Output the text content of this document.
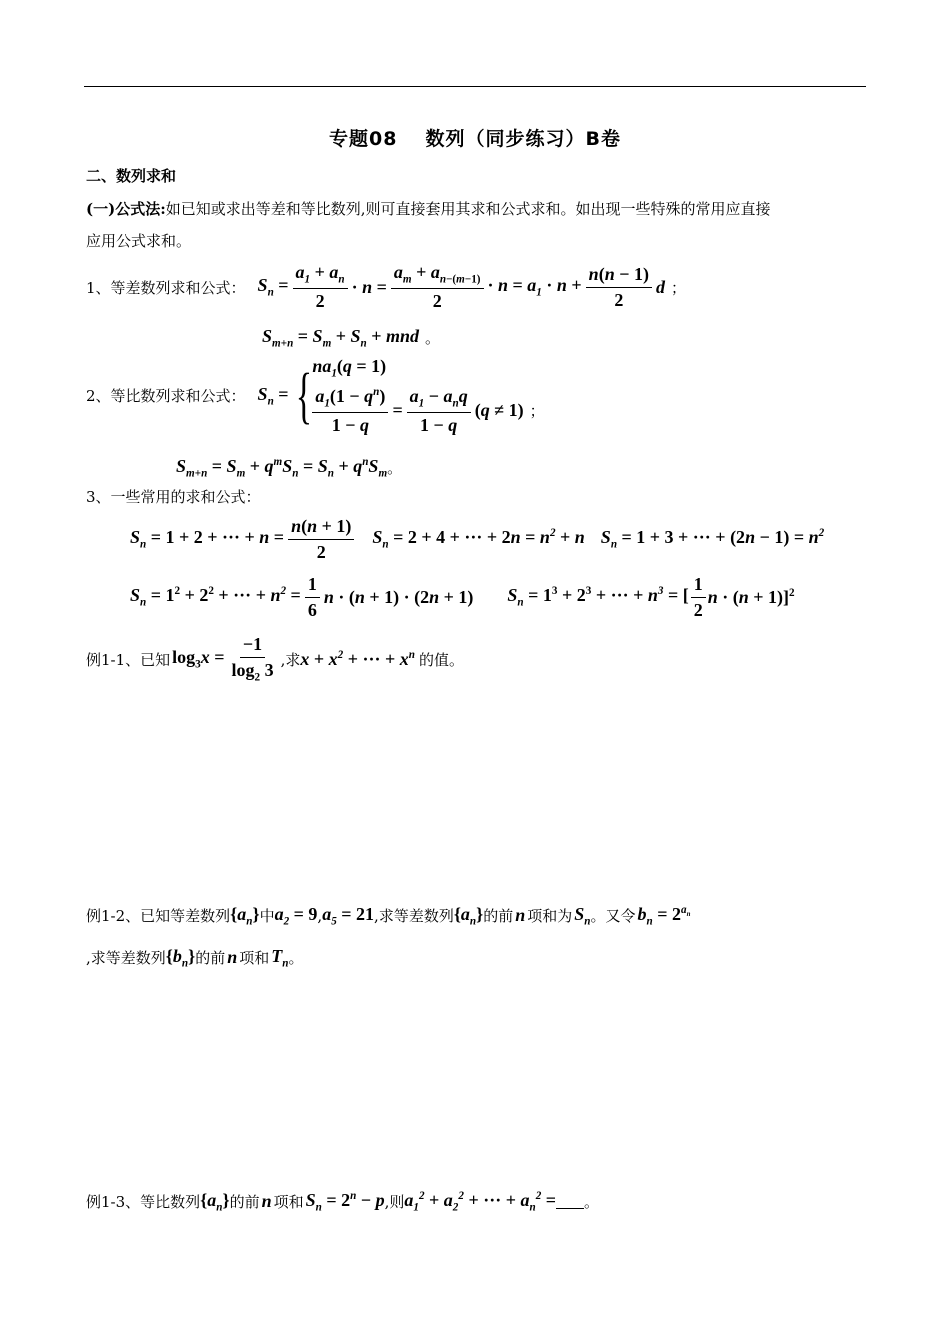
专题08 数列（同步练习）B卷
二、数列求和
(一)公式法:如已知或求出等差和等比数列,则可直接套用其求和公式求和。如出现一些特殊的常用应直接
应用公式求和。
1、等差数列求和公式： $S_n = \frac{a_1 + a_n}{2} \cdot n = \frac{a_m + a_{n-(m-1)}}{2} \cdot n = a_1 \cdot n + \frac{n(n - 1)}{2}$ d ；
$S_{m+n} = S_m + S_n$ + mnd 。
2、等比数列求和公式： $S_n$ = { $na_1(q = 1)$
$\frac{a_1(1 - q^n)}{1 - q} = \frac{a_1 - a_nq}{1 - q} (q \ne 1)$ ；
$S_{m+n} = S_m + q^mS_n = S_n + q^nS_m$ 。
3、一些常用的求和公式：
$S_n = 1 + 2$ + ··· + $n = \frac{n(n + 1)}{2} S_n = 2 + 4$ + ··· + $2n = n^2 + n$ $S_n = 1 + 3$ + ··· + $(2n - 1) = n^2$
$S_n = 1^2 + 2^2$ + ··· + $n^2 = \frac{1}{6}$ n · (n + 1) · (2n + 1) $S_n = 1^3 + 2^3$ + ··· + $n^3$ = [ $\frac{1}{2}$ n · (n + 1)]$^2$
例1-1、已知 $\log_3x = \frac{-1}{\log_2 3}$ ,求 $x + x^2$ + ··· + $x^n$ 的值。
例1-2、已知等差数列 $\{a_n\}$ 中 $a_2 = 9$ , $a_5 = 21$ ,求等差数列 $\{a_n\}$ 的前 n 项和为 $S_n$ 。又令 $b_n = 2^{a_n}$
,求等差数列 $\{b_n\}$ 的前 n 项和 $T_n$ 。
例1-3、等比数列 $\{a_n\}$ 的前 n 项和 $S_n = 2^n - p$ ,则 $a_1^2 + a_2^2$ + ··· + $a_n^2$ = 。
